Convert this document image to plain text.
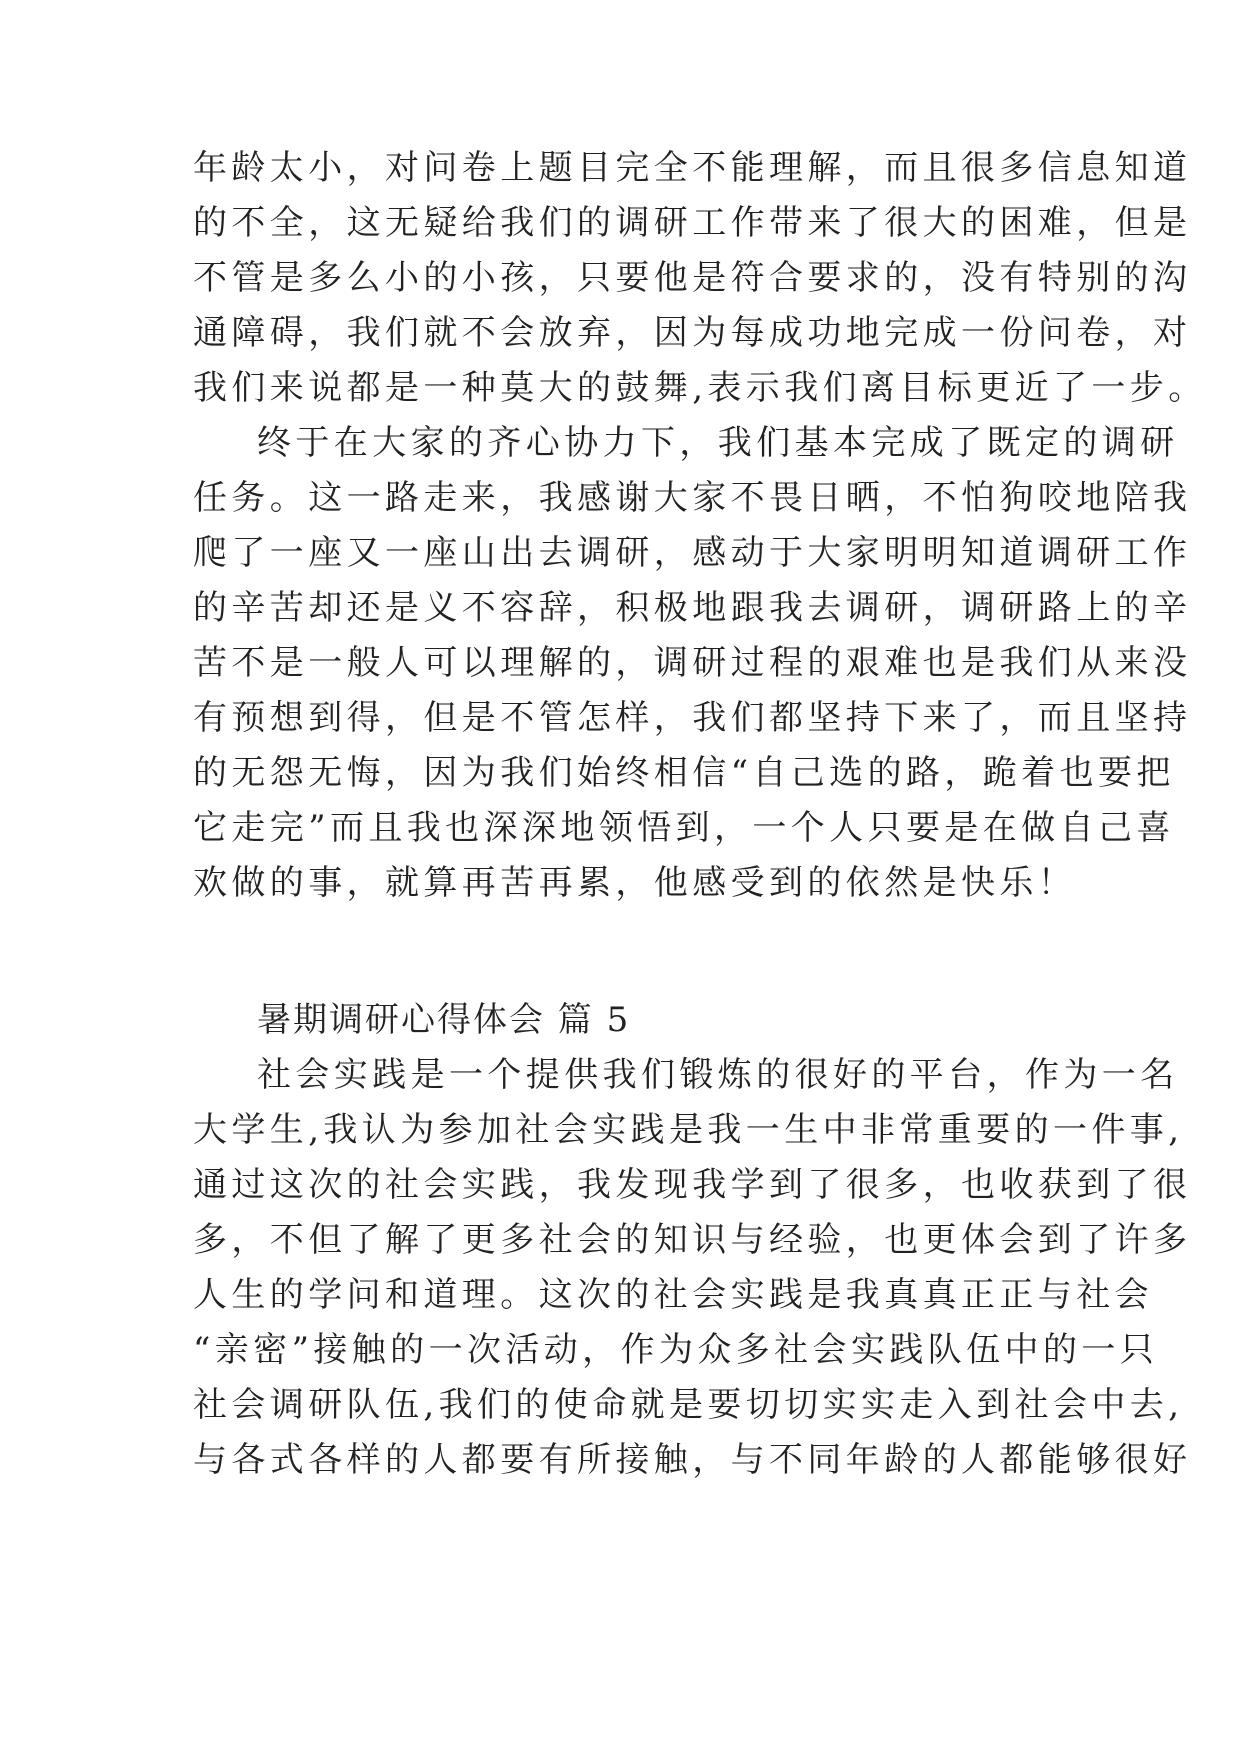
年龄太小，对问卷上题目完全不能理解，而且很多信息知道

的不全，这无疑给我们的调研工作带来了很大的困难，但是

不管是多么小的小孩，只要他是符合要求的，没有特别的沟

通障碍，我们就不会放弃，因为每成功地完成一份问卷，对

我们来说都是一种莫大的鼓舞,表示我们离目标更近了一步。

终于在大家的齐心协力下，我们基本完成了既定的调研

任务。这一路走来，我感谢大家不畏日晒，不怕狗咬地陪我

爬了一座又一座山出去调研，感动于大家明明知道调研工作

的辛苦却还是义不容辞，积极地跟我去调研，调研路上的辛

苦不是一般人可以理解的，调研过程的艰难也是我们从来没

有预想到得，但是不管怎样，我们都坚持下来了，而且坚持

的无怨无悔，因为我们始终相信“自己选的路，跪着也要把

它走完”而且我也深深地领悟到，一个人只要是在做自己喜

欢做的事，就算再苦再累，他感受到的依然是快乐！

暑期调研心得体会 篇 5

社会实践是一个提供我们锻炼的很好的平台，作为一名

大学生,我认为参加社会实践是我一生中非常重要的一件事,

通过这次的社会实践，我发现我学到了很多，也收获到了很

多，不但了解了更多社会的知识与经验，也更体会到了许多

人生的学问和道理。这次的社会实践是我真真正正与社会

“亲密”接触的一次活动，作为众多社会实践队伍中的一只

社会调研队伍,我们的使命就是要切切实实走入到社会中去,

与各式各样的人都要有所接触，与不同年龄的人都能够很好
